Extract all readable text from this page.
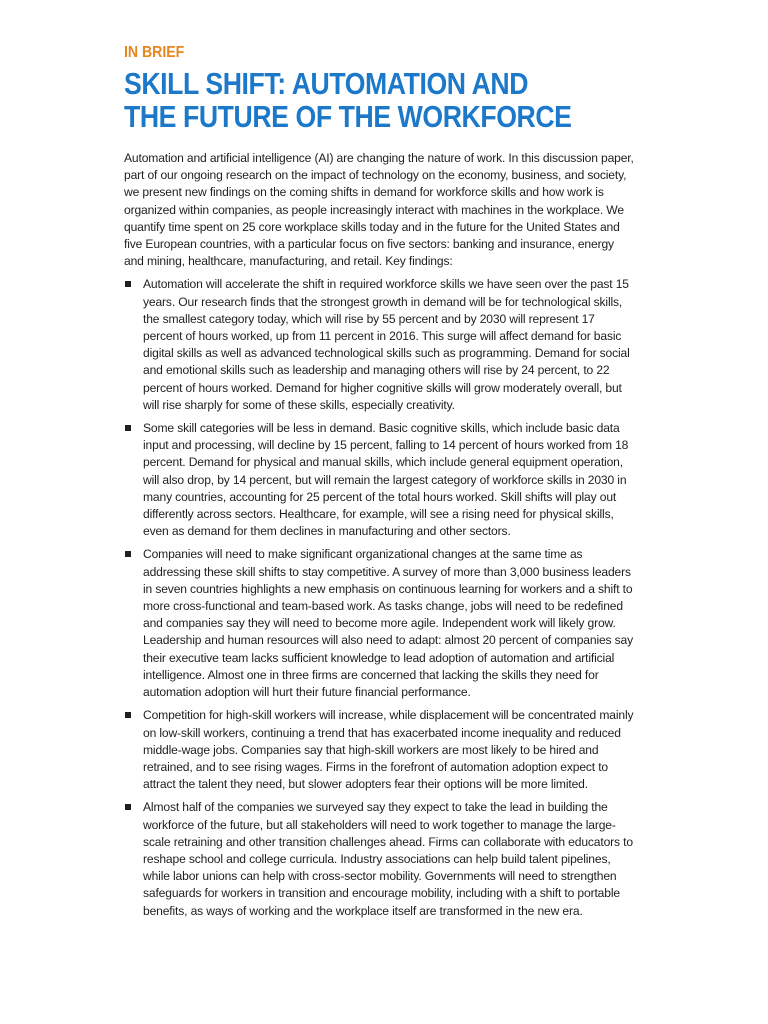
IN BRIEF
SKILL SHIFT: AUTOMATION AND
THE FUTURE OF THE WORKFORCE

Automation and artificial intelligence (AI) are changing the nature of work. In this discussion paper, part of our ongoing research on the impact of technology on the economy, business, and society, we present new findings on the coming shifts in demand for workforce skills and how work is organized within companies, as people increasingly interact with machines in the workplace. We quantify time spent on 25 core workplace skills today and in the future for the United States and five European countries, with a particular focus on five sectors: banking and insurance, energy and mining, healthcare, manufacturing, and retail. Key findings:

Automation will accelerate the shift in required workforce skills we have seen over the past 15 years. Our research finds that the strongest growth in demand will be for technological skills, the smallest category today, which will rise by 55 percent and by 2030 will represent 17 percent of hours worked, up from 11 percent in 2016. This surge will affect demand for basic digital skills as well as advanced technological skills such as programming. Demand for social and emotional skills such as leadership and managing others will rise by 24 percent, to 22 percent of hours worked. Demand for higher cognitive skills will grow moderately overall, but will rise sharply for some of these skills, especially creativity.
Some skill categories will be less in demand. Basic cognitive skills, which include basic data input and processing, will decline by 15 percent, falling to 14 percent of hours worked from 18 percent. Demand for physical and manual skills, which include general equipment operation, will also drop, by 14 percent, but will remain the largest category of workforce skills in 2030 in many countries, accounting for 25 percent of the total hours worked. Skill shifts will play out differently across sectors. Healthcare, for example, will see a rising need for physical skills, even as demand for them declines in manufacturing and other sectors.
Companies will need to make significant organizational changes at the same time as addressing these skill shifts to stay competitive. A survey of more than 3,000 business leaders in seven countries highlights a new emphasis on continuous learning for workers and a shift to more cross-functional and team-based work. As tasks change, jobs will need to be redefined and companies say they will need to become more agile. Independent work will likely grow. Leadership and human resources will also need to adapt: almost 20 percent of companies say their executive team lacks sufficient knowledge to lead adoption of automation and artificial intelligence. Almost one in three firms are concerned that lacking the skills they need for automation adoption will hurt their future financial performance.
Competition for high-skill workers will increase, while displacement will be concentrated mainly on low-skill workers, continuing a trend that has exacerbated income inequality and reduced middle-wage jobs. Companies say that high-skill workers are most likely to be hired and retrained, and to see rising wages. Firms in the forefront of automation adoption expect to attract the talent they need, but slower adopters fear their options will be more limited.
Almost half of the companies we surveyed say they expect to take the lead in building the workforce of the future, but all stakeholders will need to work together to manage the large-scale retraining and other transition challenges ahead. Firms can collaborate with educators to reshape school and college curricula. Industry associations can help build talent pipelines, while labor unions can help with cross-sector mobility. Governments will need to strengthen safeguards for workers in transition and encourage mobility, including with a shift to portable benefits, as ways of working and the workplace itself are transformed in the new era.
